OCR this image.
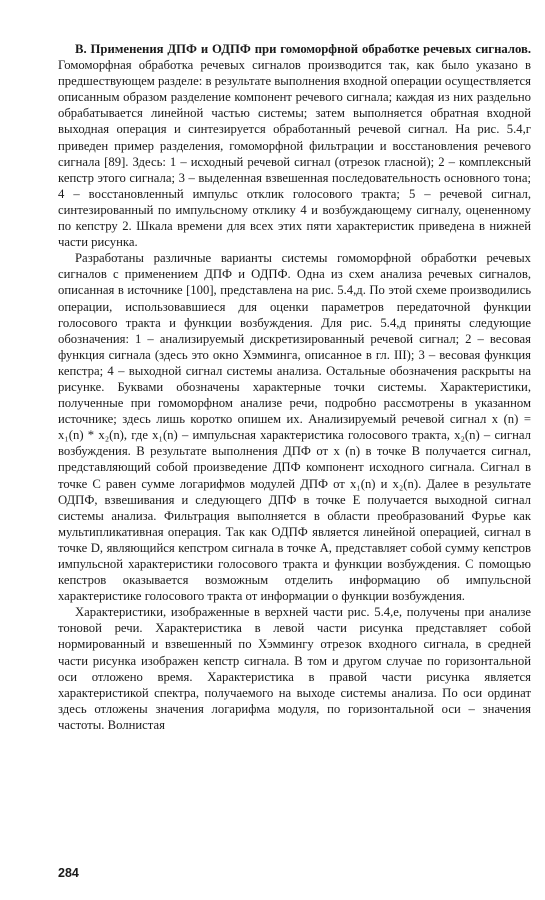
В. Применения ДПФ и ОДПФ при гомоморфной обработке речевых сигналов. Гомоморфная обработка речевых сигналов производится так, как было указано в предшествующем разделе: в результате выполнения входной операции осуществляется описанным образом разделение компонент речевого сигнала; каждая из них раздельно обрабатывается линейной частью системы; затем выполняется обратная входной выходная операция и синтезируется обработанный речевой сигнал. На рис. 5.4,г приведен пример разделения, гомоморфной фильтрации и восстановления речевого сигнала [89]. Здесь: 1 – исходный речевой сигнал (отрезок гласной); 2 – комплексный кепстр этого сигнала; 3 – выделенная взвешенная последовательность основного тона; 4 – восстановленный импульс отклик голосового тракта; 5 – речевой сигнал, синтезированный по импульсному отклику 4 и возбуждающему сигналу, оцененному по кепстру 2. Шкала времени для всех этих пяти характеристик приведена в нижней части рисунка.

Разработаны различные варианты системы гомоморфной обработки речевых сигналов с применением ДПФ и ОДПФ. Одна из схем анализа речевых сигналов, описанная в источнике [100], представлена на рис. 5.4,д. По этой схеме производились операции, использовавшиеся для оценки параметров передаточной функции голосового тракта и функции возбуждения. Для рис. 5.4,д приняты следующие обозначения: 1 – анализируемый дискретизированный речевой сигнал; 2 – весовая функция сигнала (здесь это окно Хэмминга, описанное в гл. III); 3 – весовая функция кепстра; 4 – выходной сигнал системы анализа. Остальные обозначения раскрыты на рисунке. Буквами обозначены характерные точки системы. Характеристики, полученные при гомоморфном анализе речи, подробно рассмотрены в указанном источнике; здесь лишь коротко опишем их. Анализируемый речевой сигнал x (n) = x₁(n) * x₂(n), где x₁(n) – импульсная характеристика голосового тракта, x₂(n) – сигнал возбуждения. В результате выполнения ДПФ от x (n) в точке B получается сигнал, представляющий собой произведение ДПФ компонент исходного сигнала. Сигнал в точке C равен сумме логарифмов модулей ДПФ от x₁(n) и x₂(n). Далее в результате ОДПФ, взвешивания и следующего ДПФ в точке E получается выходной сигнал системы анализа. Фильтрация выполняется в области преобразований Фурье как мультипликативная операция. Так как ОДПФ является линейной операцией, сигнал в точке D, являющийся кепстром сигнала в точке A, представляет собой сумму кепстров импульсной характеристики голосового тракта и функции возбуждения. С помощью кепстров оказывается возможным отделить информацию об импульсной характеристике голосового тракта от информации о функции возбуждения.

Характеристики, изображенные в верхней части рис. 5.4,е, получены при анализе тоновой речи. Характеристика в левой части рисунка представляет собой нормированный и взвешенный по Хэммингу отрезок входного сигнала, в средней части рисунка изображен кепстр сигнала. В том и другом случае по горизонтальной оси отложено время. Характеристика в правой части рисунка является характеристикой спектра, получаемого на выходе системы анализа. По оси ординат здесь отложены значения логарифма модуля, по горизонтальной оси – значения частоты. Волнистая

284
